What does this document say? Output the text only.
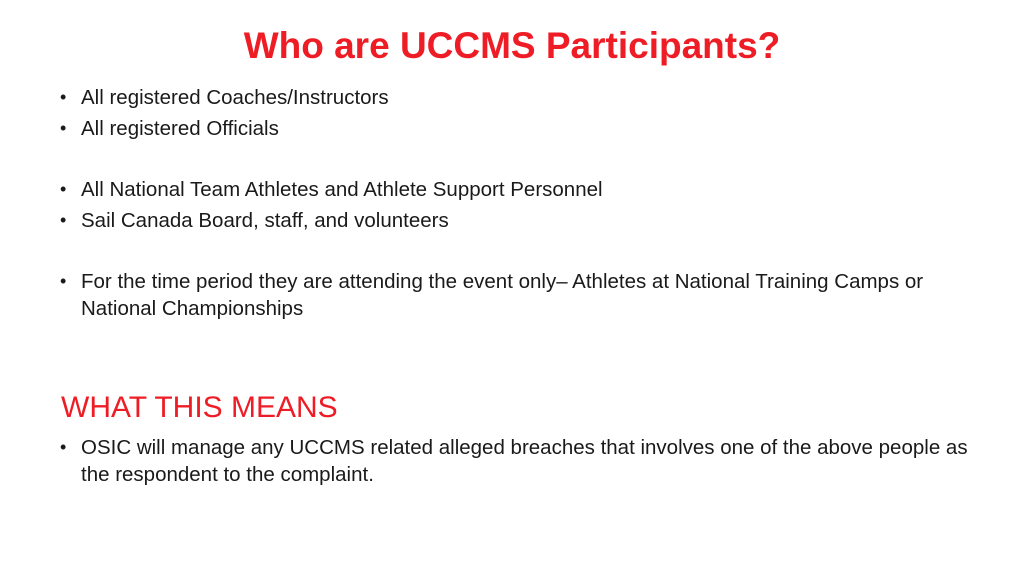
Who are UCCMS Participants?
• All registered Coaches/Instructors
• All registered Officials
• All National Team Athletes and Athlete Support Personnel
• Sail Canada Board, staff, and volunteers
• For the time period they are attending the event only– Athletes at National Training Camps or National Championships
WHAT THIS MEANS
• OSIC will manage any UCCMS related alleged breaches that involves one of the above people as the respondent to the complaint.
